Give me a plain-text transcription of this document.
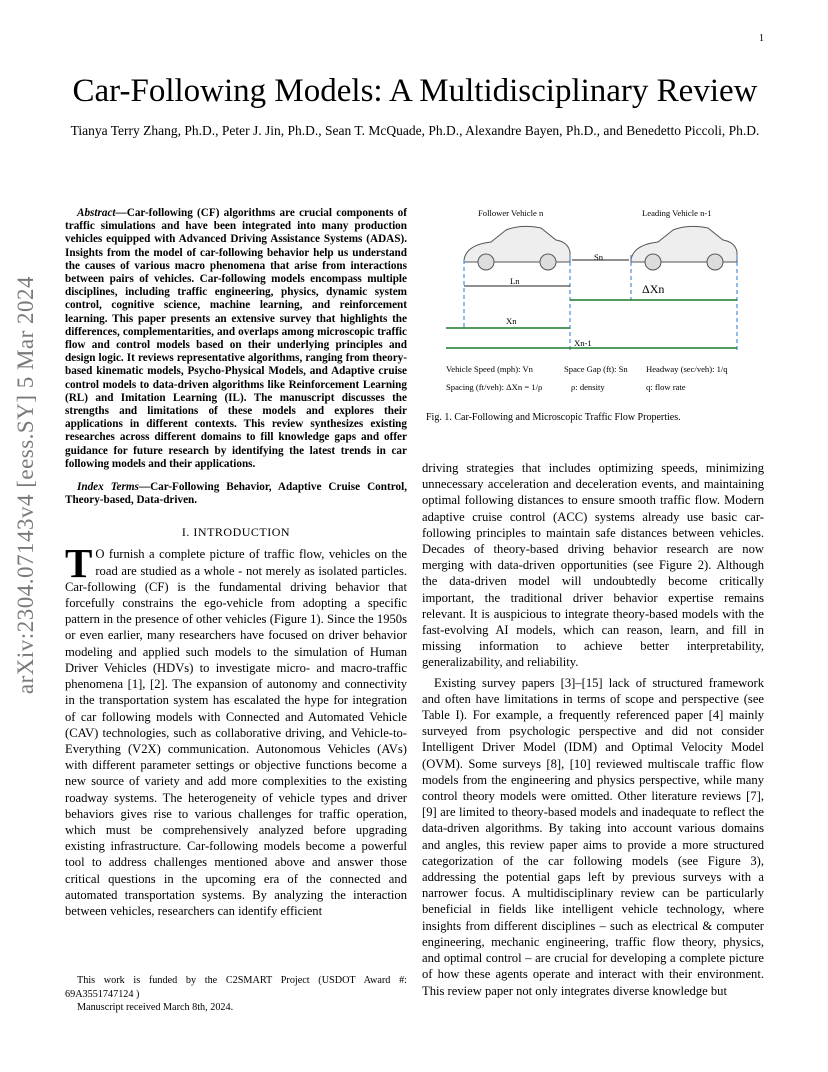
1
arXiv:2304.07143v4 [eess.SY] 5 Mar 2024
Car-Following Models: A Multidisciplinary Review
Tianya Terry Zhang, Ph.D., Peter J. Jin, Ph.D., Sean T. McQuade, Ph.D., Alexandre Bayen, Ph.D., and Benedetto Piccoli, Ph.D.

Abstract—Car-following (CF) algorithms are crucial components of traffic simulations and have been integrated into many production vehicles equipped with Advanced Driving Assistance Systems (ADAS). Insights from the model of car-following behavior help us understand the causes of various macro phenomena that arise from interactions between pairs of vehicles. Car-following models encompass multiple disciplines, including traffic engineering, physics, dynamic system control, cognitive science, machine learning, and reinforcement learning. This paper presents an extensive survey that highlights the differences, complementarities, and overlaps among microscopic traffic flow and control models based on their underlying principles and design logic. It reviews representative algorithms, ranging from theory-based kinematic models, Psycho-Physical Models, and Adaptive cruise control models to data-driven algorithms like Reinforcement Learning (RL) and Imitation Learning (IL). The manuscript discusses the strengths and limitations of these models and explores their applications in different contexts. This review synthesizes existing researches across different domains to fill knowledge gaps and offer guidance for future research by identifying the latest trends in car following models and their applications.

Index Terms—Car-Following Behavior, Adaptive Cruise Control, Theory-based, Data-driven.

I. INTRODUCTION

T O furnish a complete picture of traffic flow, vehicles on the road are studied as a whole - not merely as isolated particles. Car-following (CF) is the fundamental driving behavior that forcefully constrains the ego-vehicle from adopting a specific pattern in the presence of other vehicles (Figure 1). Since the 1950s or even earlier, many researchers have focused on driver behavior modeling and applied such models to the simulation of Human Driver Vehicles (HDVs) to investigate micro- and macro-traffic phenomena [1], [2]. The expansion of autonomy and connectivity in the transportation system has escalated the hype for integration of car following models with Connected and Automated Vehicle (CAV) technologies, such as collaborative driving, and Vehicle-to-Everything (V2X) communication. Autonomous Vehicles (AVs) with different parameter settings or objective functions become a new source of variety and add more complexities to the existing roadway systems. The heterogeneity of vehicle types and driver behaviors gives rise to various challenges for traffic operation, which must be comprehensively analyzed before upgrading existing infrastructure. Car-following models become a powerful tool to address challenges mentioned above and answer those critical questions in the upcoming era of the connected and automated transportation systems. By analyzing the interaction between vehicles, researchers can identify efficient

This work is funded by the C2SMART Project (USDOT Award #: 69A3551747124 )

Manuscript received March 8th, 2024.

Follower Vehicle n	Leading Vehicle n-1
Sn
Ln
ΔXn
Xn
Xn-1
Vehicle Speed (mph): Vn	Space Gap (ft): Sn Headway (sec/veh): 1/q
Spacing (ft/veh): ΔXn = 1/ρ	ρ: density	q: flow rate
Fig. 1. Car-Following and Microscopic Traffic Flow Properties.

driving strategies that includes optimizing speeds, minimizing unnecessary acceleration and deceleration events, and maintaining optimal following distances to ensure smooth traffic flow. Modern adaptive cruise control (ACC) systems already use basic car-following principles to maintain safe distances between vehicles. Decades of theory-based driving behavior research are now merging with data-driven opportunities (see Figure 2). Although the data-driven model will undoubtedly become critically important, the traditional driver behavior expertise remains relevant. It is auspicious to integrate theory-based models with the fast-evolving AI models, which can reason, learn, and fill in missing information to achieve better interpretability, generalizability, and reliability.

Existing survey papers [3]–[15] lack of structured framework and often have limitations in terms of scope and perspective (see Table I). For example, a frequently referenced paper [4] mainly surveyed from psychologic perspective and did not consider Intelligent Driver Model (IDM) and Optimal Velocity Model (OVM). Some surveys [8], [10] reviewed multiscale traffic flow models from the engineering and physics perspective, while many control theory models were omitted. Other literature reviews [7], [9] are limited to theory-based models and inadequate to reflect the data-driven algorithms. By taking into account various domains and angles, this review paper aims to provide a more structured categorization of the car following models (see Figure 3), addressing the potential gaps left by previous surveys with a narrower focus. A multidisciplinary review can be particularly beneficial in fields like intelligent vehicle technology, where insights from different disciplines – such as electrical & computer engineering, mechanic engineering, traffic flow theory, physics, and optimal control – are crucial for developing a complete picture of how these agents operate and interact with their environment. This review paper not only integrates diverse knowledge but
